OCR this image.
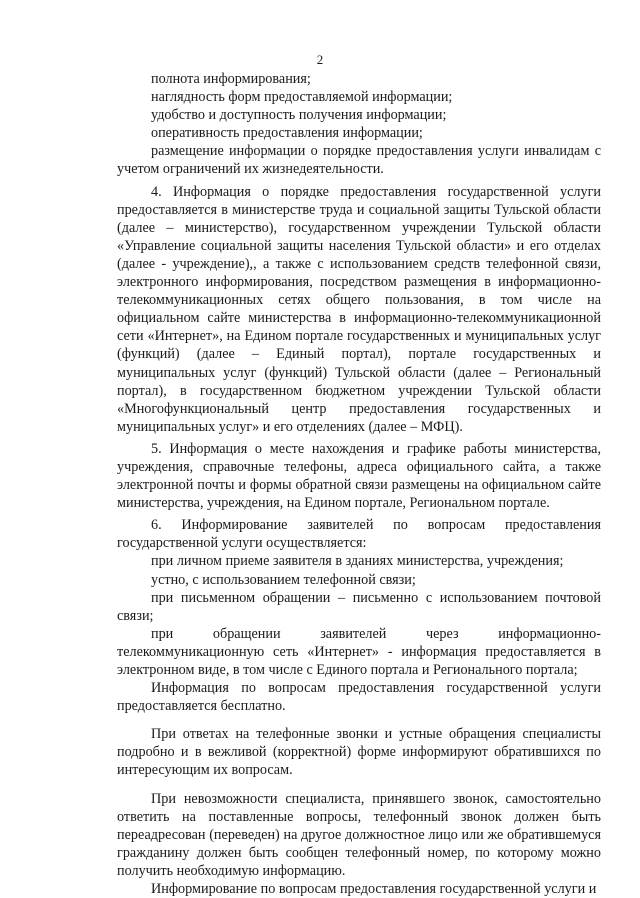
2

полнота информирования;

наглядность форм предоставляемой информации;

удобство и доступность получения информации;

оперативность предоставления информации;

размещение информации о порядке предоставления услуги инвалидам с учетом ограничений их жизнедеятельности.

4. Информация о порядке предоставления государственной услуги предоставляется в министерстве труда и социальной защиты Тульской области (далее – министерство), государственном учреждении Тульской области «Управление социальной защиты населения Тульской области» и его отделах (далее - учреждение),, а также с использованием средств телефонной связи, электронного информирования, посредством размещения в информационно-телекоммуникационных сетях общего пользования, в том числе на официальном сайте министерства в информационно-телекоммуникационной сети «Интернет», на Едином портале государственных и муниципальных услуг (функций) (далее – Единый портал), портале государственных и муниципальных услуг (функций) Тульской области (далее – Региональный портал), в государственном бюджетном учреждении Тульской области «Многофункциональный центр предоставления государственных и муниципальных услуг» и его отделениях (далее – МФЦ).

5. Информация о месте нахождения и графике работы министерства, учреждения, справочные телефоны, адреса официального сайта, а также электронной почты и формы обратной связи размещены на официальном сайте министерства, учреждения, на Едином портале, Региональном портале.

6. Информирование заявителей по вопросам предоставления государственной услуги осуществляется:

при личном приеме заявителя в зданиях министерства, учреждения;

устно, с использованием телефонной связи;

при письменном обращении – письменно с использованием почтовой связи;

при обращении заявителей через информационно-телекоммуникационную сеть «Интернет» - информация предоставляется в электронном виде, в том числе с Единого портала и Регионального портала;

Информация по вопросам предоставления государственной услуги предоставляется бесплатно.

При ответах на телефонные звонки и устные обращения специалисты подробно и в вежливой (корректной) форме информируют обратившихся по интересующим их вопросам.

При невозможности специалиста, принявшего звонок, самостоятельно ответить на поставленные вопросы, телефонный звонок должен быть переадресован (переведен) на другое должностное лицо или же обратившемуся гражданину должен быть сообщен телефонный номер, по которому можно получить необходимую информацию.

Информирование по вопросам предоставления государственной услуги и
